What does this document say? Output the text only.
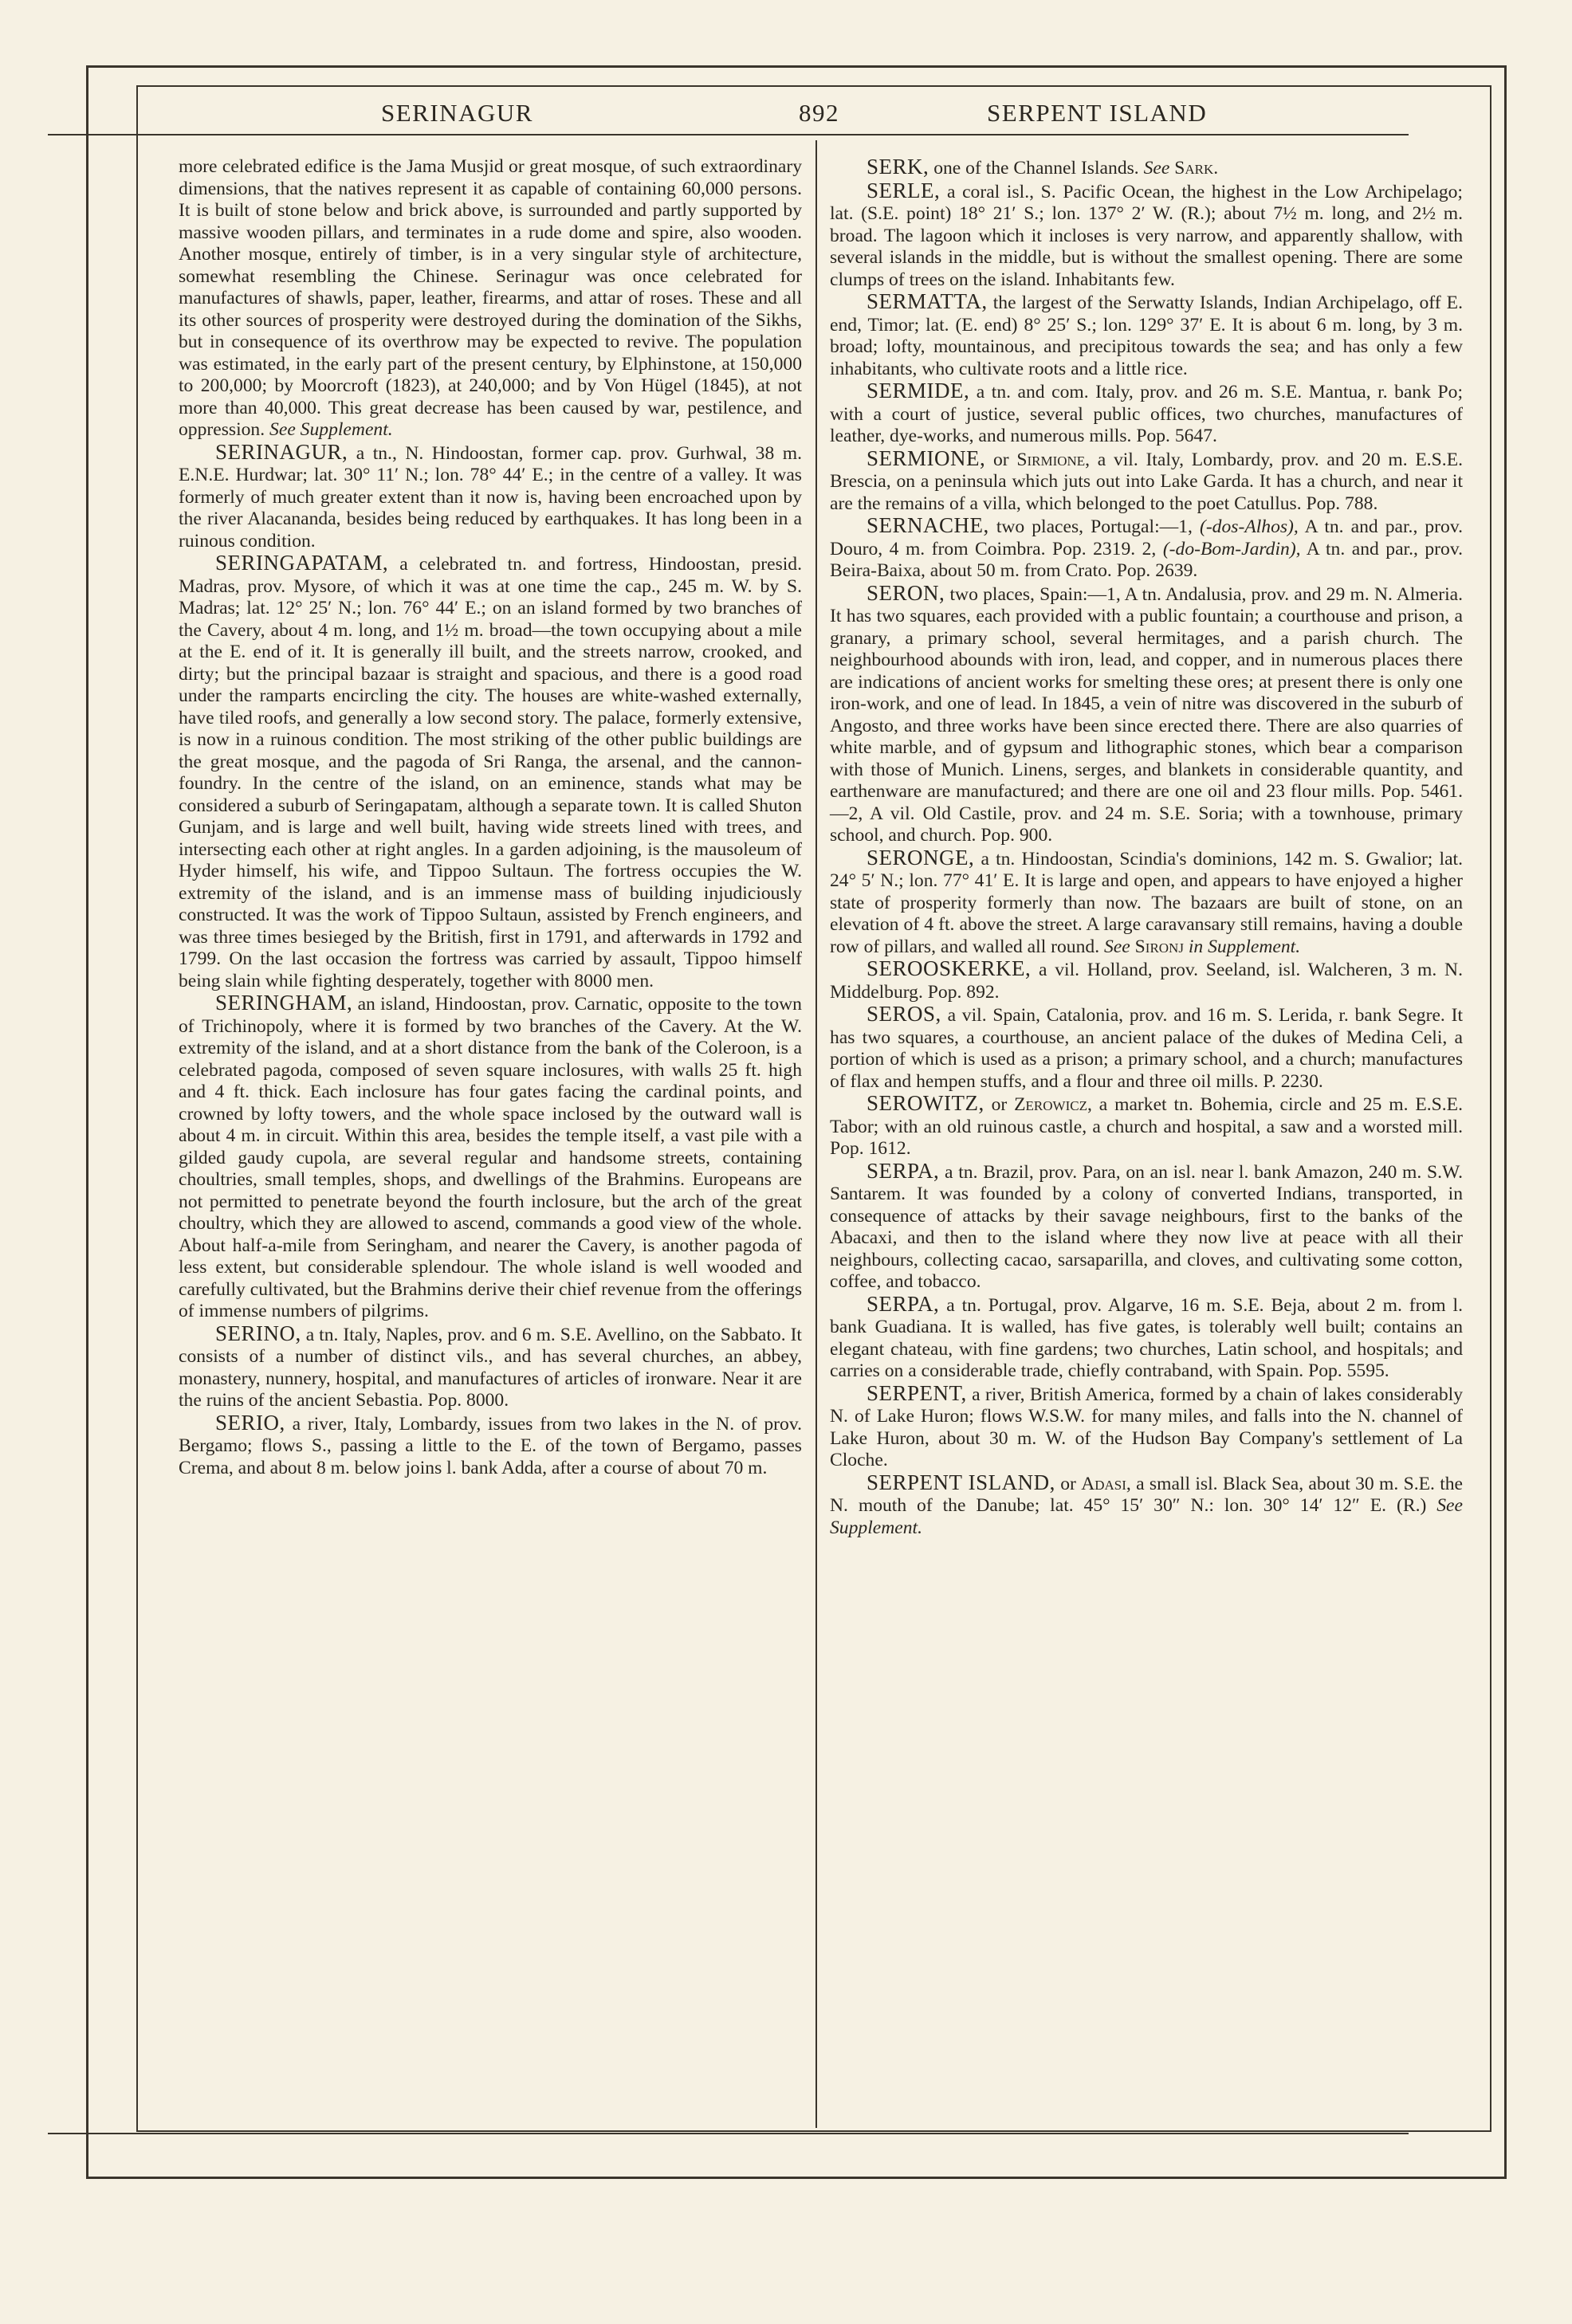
SERINAGUR	892	SERPENT ISLAND

more celebrated edifice is the Jama Musjid or great mosque, of such extraordinary dimensions, that the natives represent it as capable of containing 60,000 persons. It is built of stone below and brick above, is surrounded and partly supported by massive wooden pillars, and terminates in a rude dome and spire, also wooden. Another mosque, entirely of timber, is in a very singular style of architecture, somewhat resembling the Chinese. Serinagur was once celebrated for manufactures of shawls, paper, leather, firearms, and attar of roses. These and all its other sources of prosperity were destroyed during the domination of the Sikhs, but in consequence of its overthrow may be expected to revive. The population was estimated, in the early part of the present century, by Elphinstone, at 150,000 to 200,000; by Moorcroft (1823), at 240,000; and by Von Hügel (1845), at not more than 40,000. This great decrease has been caused by war, pestilence, and oppression. See Supplement.

SERINAGUR, a tn., N. Hindoostan, former cap. prov. Gurhwal, 38 m. E.N.E. Hurdwar; lat. 30° 11′ N.; lon. 78° 44′ E.; in the centre of a valley. It was formerly of much greater extent than it now is, having been encroached upon by the river Alacananda, besides being reduced by earthquakes. It has long been in a ruinous condition.

SERINGAPATAM, a celebrated tn. and fortress, Hindoostan, presid. Madras, prov. Mysore, of which it was at one time the cap., 245 m. W. by S. Madras; lat. 12° 25′ N.; lon. 76° 44′ E.; on an island formed by two branches of the Cavery, about 4 m. long, and 1½ m. broad—the town occupying about a mile at the E. end of it. It is generally ill built, and the streets narrow, crooked, and dirty; but the principal bazaar is straight and spacious, and there is a good road under the ramparts encircling the city. The houses are white-washed externally, have tiled roofs, and generally a low second story. The palace, formerly extensive, is now in a ruinous condition. The most striking of the other public buildings are the great mosque, and the pagoda of Sri Ranga, the arsenal, and the cannon-foundry. In the centre of the island, on an eminence, stands what may be considered a suburb of Seringapatam, although a separate town. It is called Shuton Gunjam, and is large and well built, having wide streets lined with trees, and intersecting each other at right angles. In a garden adjoining, is the mausoleum of Hyder himself, his wife, and Tippoo Sultaun. The fortress occupies the W. extremity of the island, and is an immense mass of building injudiciously constructed. It was the work of Tippoo Sultaun, assisted by French engineers, and was three times besieged by the British, first in 1791, and afterwards in 1792 and 1799. On the last occasion the fortress was carried by assault, Tippoo himself being slain while fighting desperately, together with 8000 men.

SERINGHAM, an island, Hindoostan, prov. Carnatic, opposite to the town of Trichinopoly, where it is formed by two branches of the Cavery. At the W. extremity of the island, and at a short distance from the bank of the Coleroon, is a celebrated pagoda, composed of seven square inclosures, with walls 25 ft. high and 4 ft. thick. Each inclosure has four gates facing the cardinal points, and crowned by lofty towers, and the whole space inclosed by the outward wall is about 4 m. in circuit. Within this area, besides the temple itself, a vast pile with a gilded gaudy cupola, are several regular and handsome streets, containing choultries, small temples, shops, and dwellings of the Brahmins. Europeans are not permitted to penetrate beyond the fourth inclosure, but the arch of the great choultry, which they are allowed to ascend, commands a good view of the whole. About half-a-mile from Seringham, and nearer the Cavery, is another pagoda of less extent, but considerable splendour. The whole island is well wooded and carefully cultivated, but the Brahmins derive their chief revenue from the offerings of immense numbers of pilgrims.

SERINO, a tn. Italy, Naples, prov. and 6 m. S.E. Avellino, on the Sabbato. It consists of a number of distinct vils., and has several churches, an abbey, monastery, nunnery, hospital, and manufactures of articles of ironware. Near it are the ruins of the ancient Sebastia. Pop. 8000.

SERIO, a river, Italy, Lombardy, issues from two lakes in the N. of prov. Bergamo; flows S., passing a little to the E. of the town of Bergamo, passes Crema, and about 8 m. below joins l. bank Adda, after a course of about 70 m.

SERK, one of the Channel Islands. See Sark.

SERLE, a coral isl., S. Pacific Ocean, the highest in the Low Archipelago; lat. (S.E. point) 18° 21′ S.; lon. 137° 2′ W. (R.); about 7½ m. long, and 2½ m. broad. The lagoon which it incloses is very narrow, and apparently shallow, with several islands in the middle, but is without the smallest opening. There are some clumps of trees on the island. Inhabitants few.

SERMATTA, the largest of the Serwatty Islands, Indian Archipelago, off E. end, Timor; lat. (E. end) 8° 25′ S.; lon. 129° 37′ E. It is about 6 m. long, by 3 m. broad; lofty, mountainous, and precipitous towards the sea; and has only a few inhabitants, who cultivate roots and a little rice.

SERMIDE, a tn. and com. Italy, prov. and 26 m. S.E. Mantua, r. bank Po; with a court of justice, several public offices, two churches, manufactures of leather, dye-works, and numerous mills. Pop. 5647.

SERMIONE, or Sirmione, a vil. Italy, Lombardy, prov. and 20 m. E.S.E. Brescia, on a peninsula which juts out into Lake Garda. It has a church, and near it are the remains of a villa, which belonged to the poet Catullus. Pop. 788.

SERNACHE, two places, Portugal:—1, (-dos-Alhos), A tn. and par., prov. Douro, 4 m. from Coimbra. Pop. 2319. 2, (-do-Bom-Jardin), A tn. and par., prov. Beira-Baixa, about 50 m. from Crato. Pop. 2639.

SERON, two places, Spain:—1, A tn. Andalusia, prov. and 29 m. N. Almeria. It has two squares, each provided with a public fountain; a courthouse and prison, a granary, a primary school, several hermitages, and a parish church. The neighbourhood abounds with iron, lead, and copper, and in numerous places there are indications of ancient works for smelting these ores; at present there is only one iron-work, and one of lead. In 1845, a vein of nitre was discovered in the suburb of Angosto, and three works have been since erected there. There are also quarries of white marble, and of gypsum and lithographic stones, which bear a comparison with those of Munich. Linens, serges, and blankets in considerable quantity, and earthenware are manufactured; and there are one oil and 23 flour mills. Pop. 5461.—2, A vil. Old Castile, prov. and 24 m. S.E. Soria; with a townhouse, primary school, and church. Pop. 900.

SERONGE, a tn. Hindoostan, Scindia's dominions, 142 m. S. Gwalior; lat. 24° 5′ N.; lon. 77° 41′ E. It is large and open, and appears to have enjoyed a higher state of prosperity formerly than now. The bazaars are built of stone, on an elevation of 4 ft. above the street. A large caravansary still remains, having a double row of pillars, and walled all round. See Sironj in Supplement.

SEROOSKERKE, a vil. Holland, prov. Seeland, isl. Walcheren, 3 m. N. Middelburg. Pop. 892.

SEROS, a vil. Spain, Catalonia, prov. and 16 m. S. Lerida, r. bank Segre. It has two squares, a courthouse, an ancient palace of the dukes of Medina Celi, a portion of which is used as a prison; a primary school, and a church; manufactures of flax and hempen stuffs, and a flour and three oil mills. P. 2230.

SEROWITZ, or Zerowicz, a market tn. Bohemia, circle and 25 m. E.S.E. Tabor; with an old ruinous castle, a church and hospital, a saw and a worsted mill. Pop. 1612.

SERPA, a tn. Brazil, prov. Para, on an isl. near l. bank Amazon, 240 m. S.W. Santarem. It was founded by a colony of converted Indians, transported, in consequence of attacks by their savage neighbours, first to the banks of the Abacaxi, and then to the island where they now live at peace with all their neighbours, collecting cacao, sarsaparilla, and cloves, and cultivating some cotton, coffee, and tobacco.

SERPA, a tn. Portugal, prov. Algarve, 16 m. S.E. Beja, about 2 m. from l. bank Guadiana. It is walled, has five gates, is tolerably well built; contains an elegant chateau, with fine gardens; two churches, Latin school, and hospitals; and carries on a considerable trade, chiefly contraband, with Spain. Pop. 5595.

SERPENT, a river, British America, formed by a chain of lakes considerably N. of Lake Huron; flows W.S.W. for many miles, and falls into the N. channel of Lake Huron, about 30 m. W. of the Hudson Bay Company's settlement of La Cloche.

SERPENT ISLAND, or Adasi, a small isl. Black Sea, about 30 m. S.E. the N. mouth of the Danube; lat. 45° 15′ 30″ N.: lon. 30° 14′ 12″ E. (R.) See Supplement.
